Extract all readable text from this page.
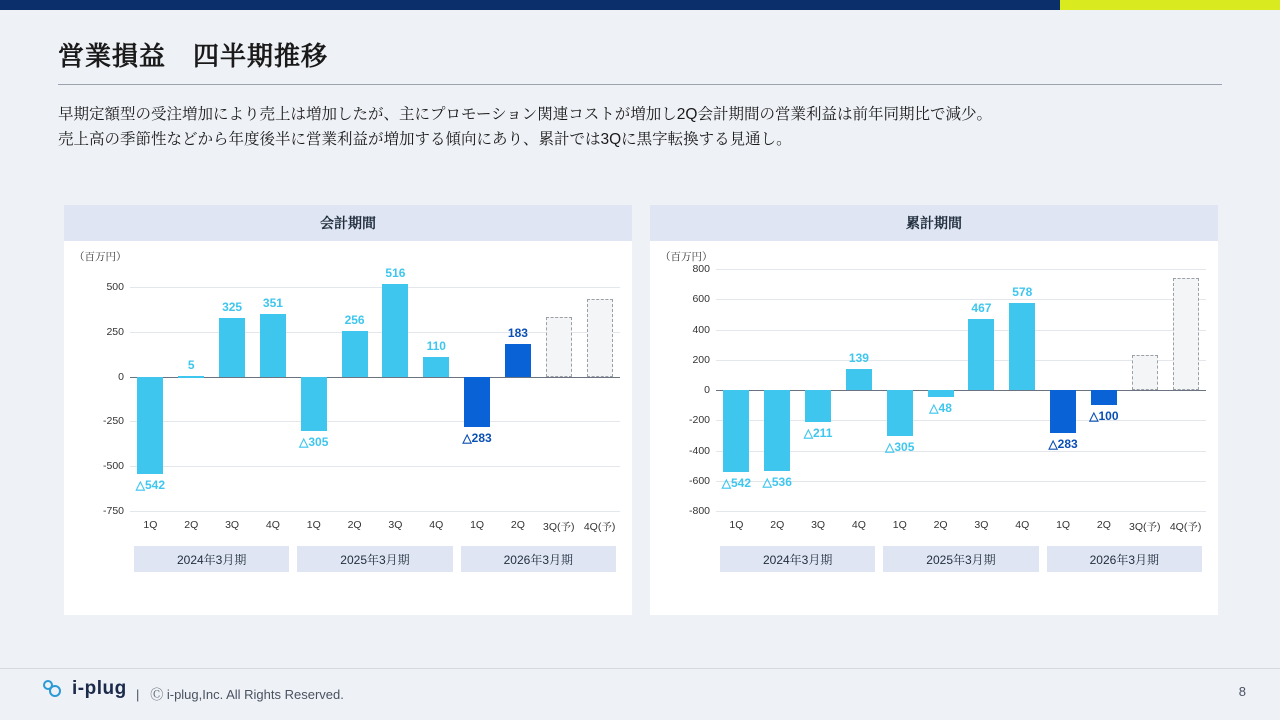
営業損益　四半期推移
早期定額型の受注増加により売上は増加したが、主にプロモーション関連コストが増加し2Q会計期間の営業利益は前年同期比で減少。
売上高の季節性などから年度後半に営業利益が増加する傾向にあり、累計では3Qに黒字転換する見通し。
会計期間
（百万円）
500
250
0
-250
-500
-750
△542
1Q
5
2Q
325
3Q
351
4Q
△305
1Q
256
2Q
516
3Q
110
4Q
△283
1Q
183
2Q 3Q(予) 4Q(予)
2024年3月期	2025年3月期	2026年3月期
累計期間
（百万円）
800
600
400
200
0
-200
-400
-600
-800
△542
1Q
△536
2Q
△211
3Q
139
4Q
△305
1Q
△48
2Q
467
3Q
578
4Q
△283
1Q
△100
2Q 3Q(予) 4Q(予)
2024年3月期	2025年3月期	2026年3月期
i-plug | Ⓒ i-plug,Inc. All Rights Reserved.	8
